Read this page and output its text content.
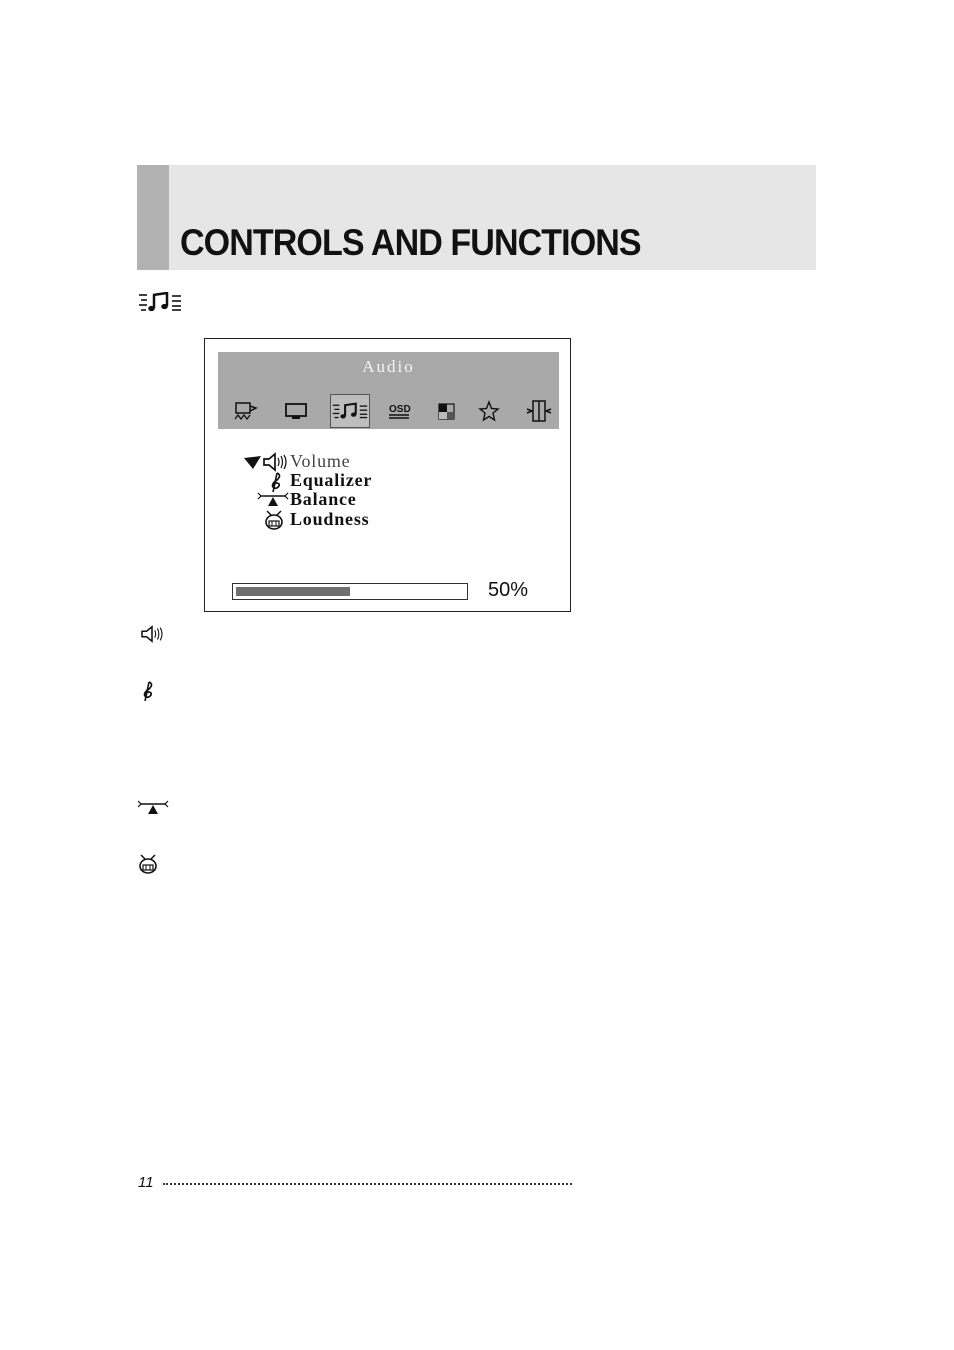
CONTROLS AND FUNCTIONS
Audio
OSD
Volume
Equalizer
Balance
Loudness
50%
11
